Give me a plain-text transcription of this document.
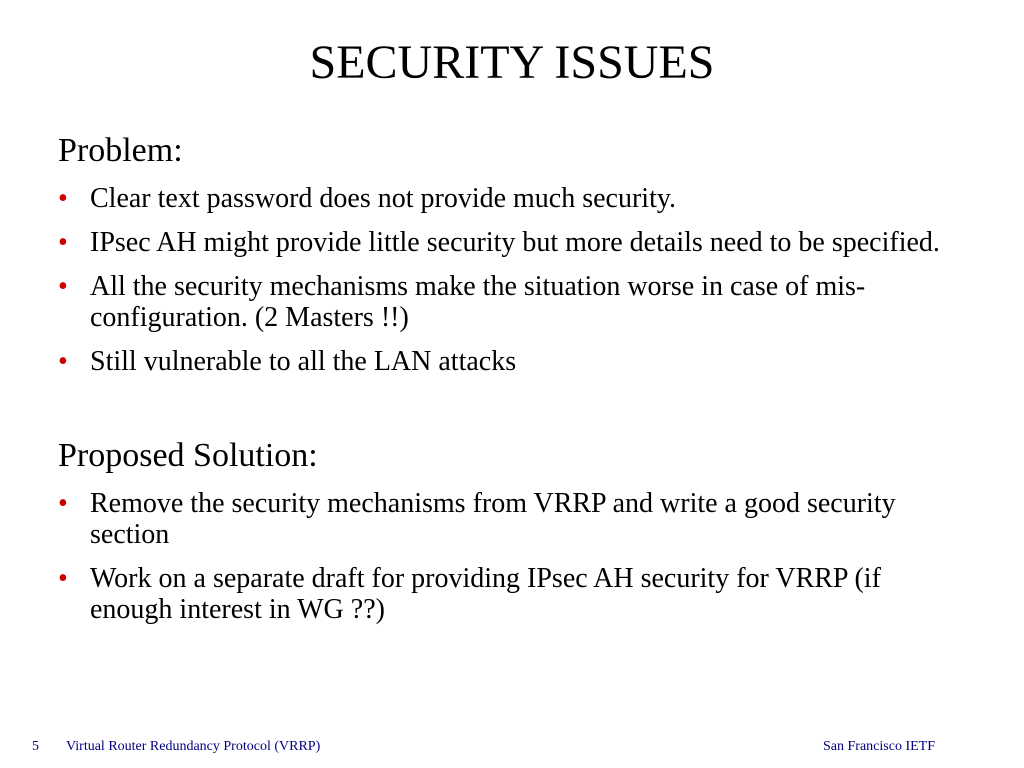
SECURITY ISSUES
Problem:
• Clear text password does not provide much security.
• IPsec AH might provide little security but more details need to be specified.
• All the security mechanisms make the situation worse in case of mis-
configuration. (2 Masters !!)
• Still vulnerable to all the LAN attacks
Proposed Solution:
• Remove the security mechanisms from VRRP and write a good security
section
• Work on a separate draft for providing IPsec AH security for VRRP (if
enough interest in WG ??)
5 Virtual Router Redundancy Protocol (VRRP)	San Francisco IETF
